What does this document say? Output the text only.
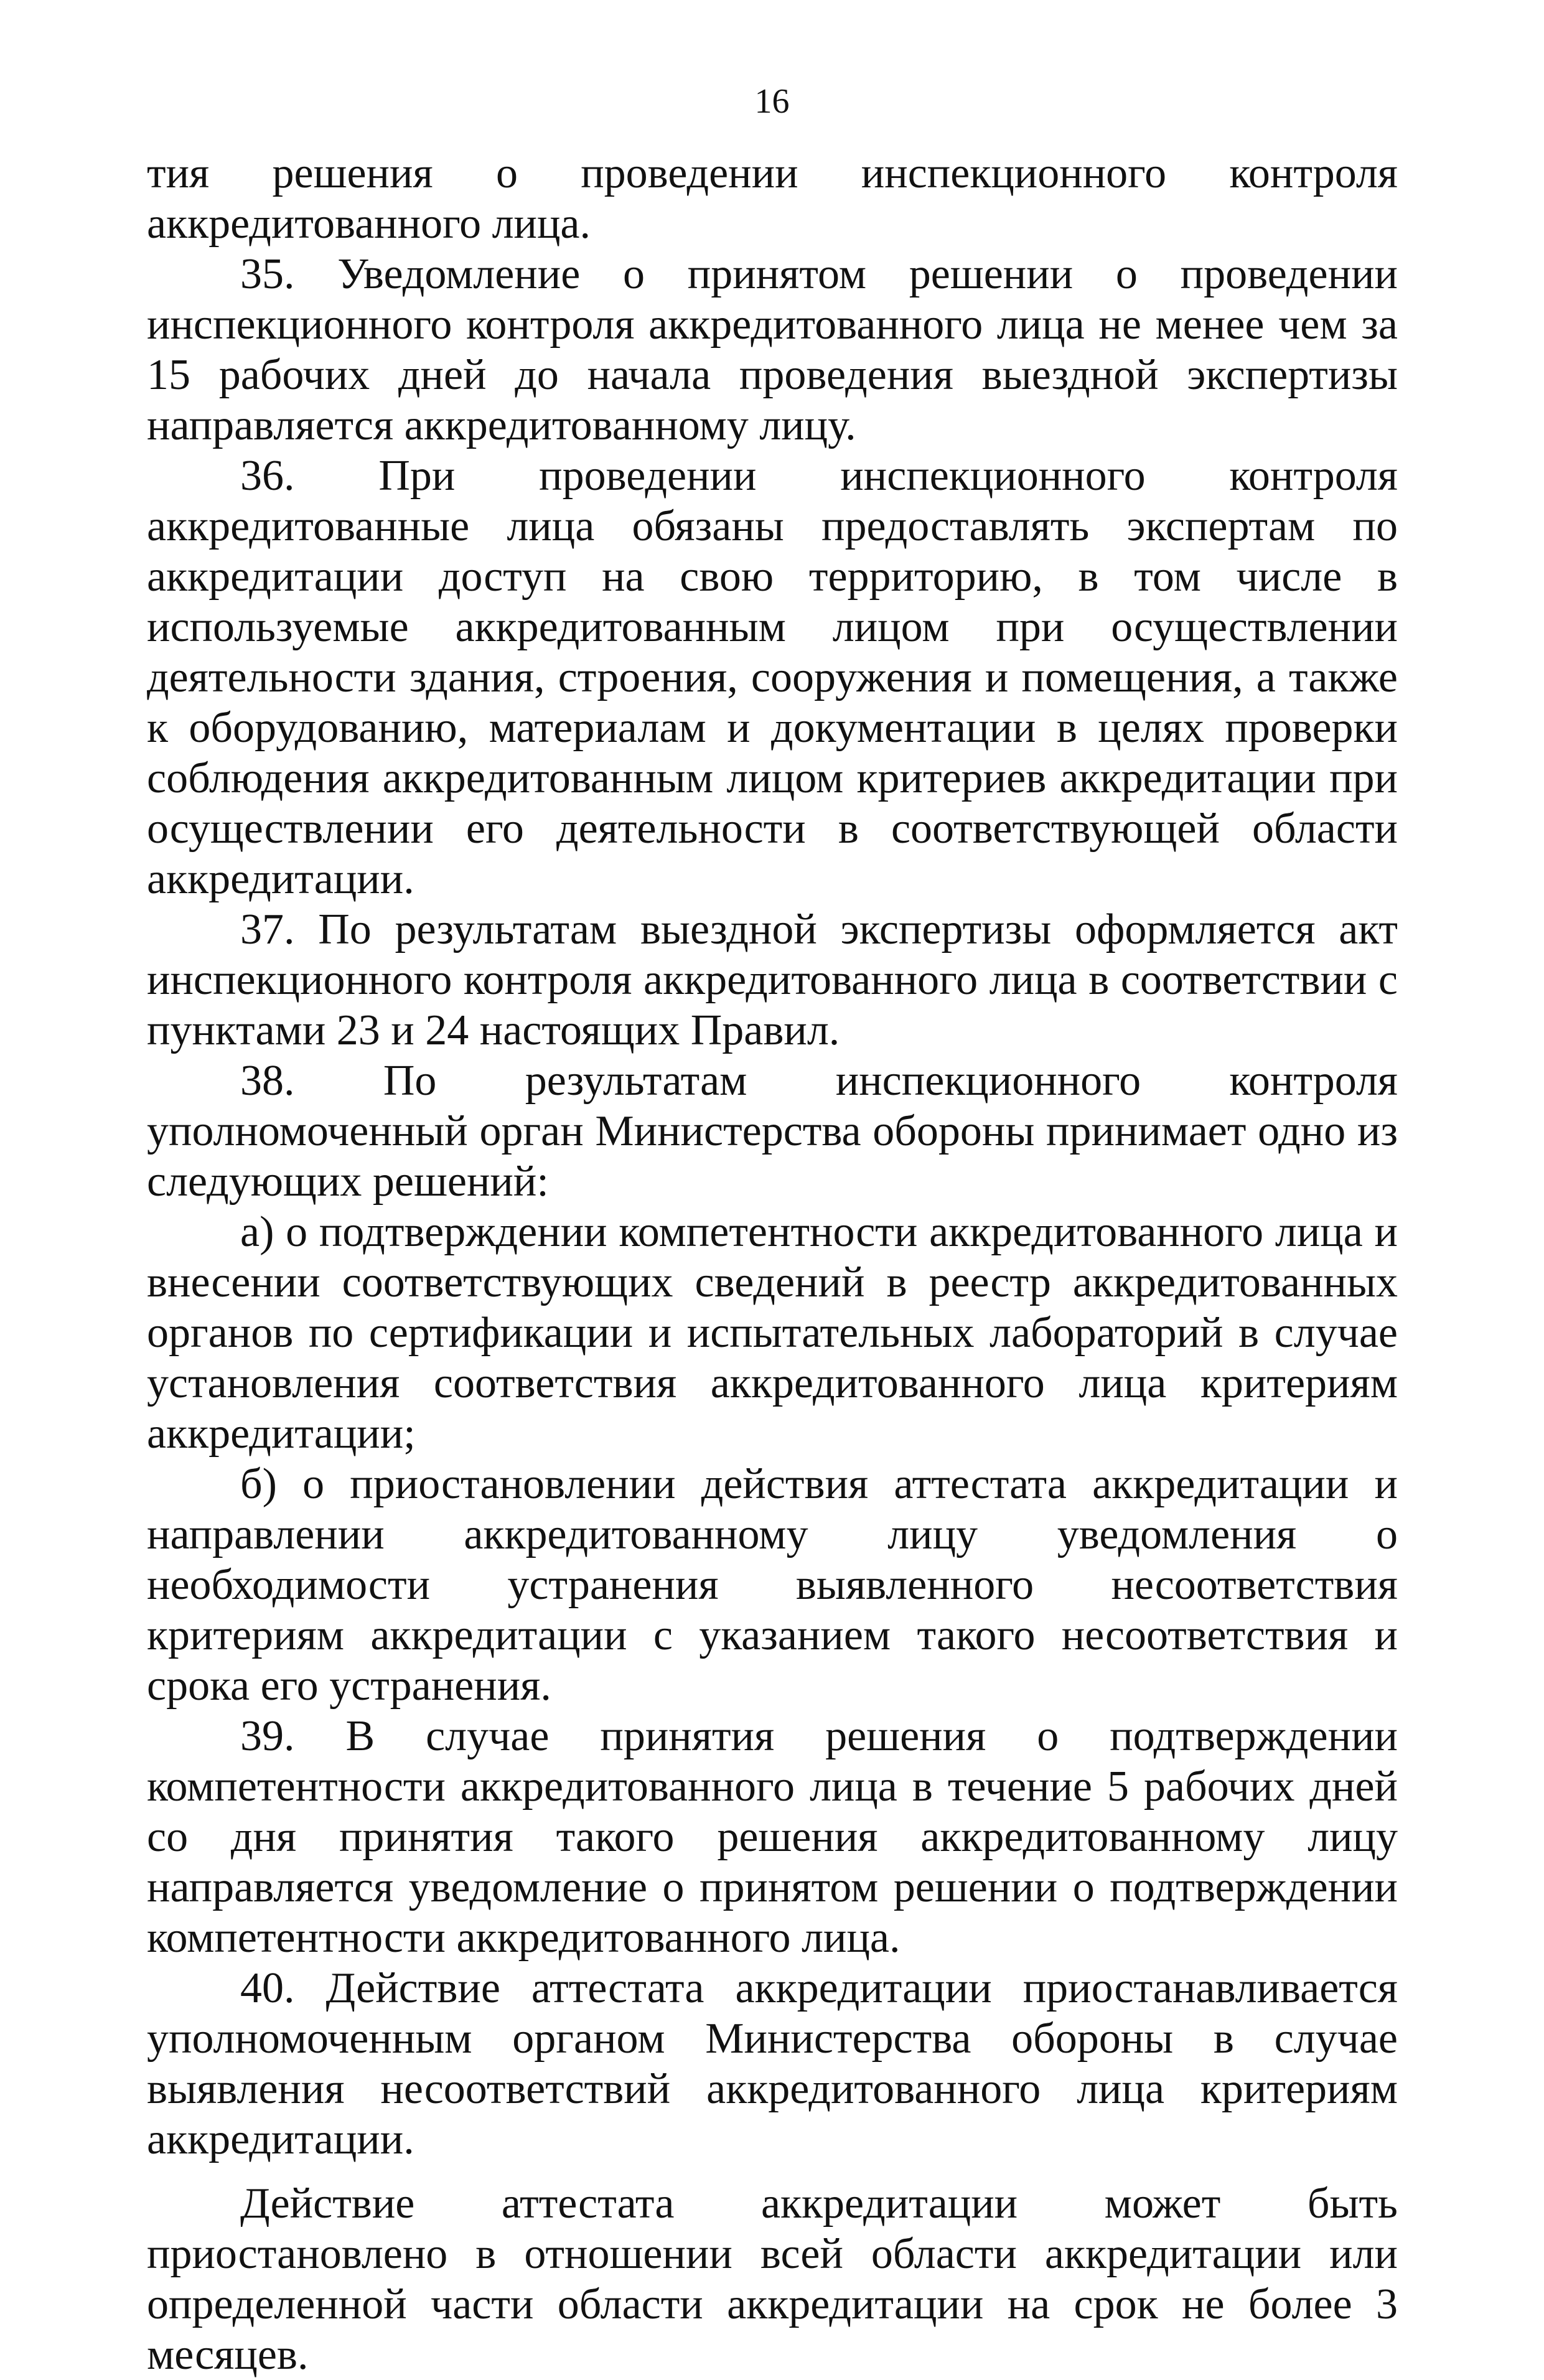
16

тия решения о проведении инспекционного контроля аккредитованного лица.

35. Уведомление о принятом решении о проведении инспекционного контроля аккредитованного лица не менее чем за 15 рабочих дней до начала проведения выездной экспертизы направляется аккредитованному лицу.

36. При проведении инспекционного контроля аккредитованные лица обязаны предоставлять экспертам по аккредитации доступ на свою территорию, в том числе в используемые аккредитованным лицом при осуществлении деятельности здания, строения, сооружения и помещения, а также к оборудованию, материалам и документации в целях проверки соблюдения аккредитованным лицом критериев аккредитации при осуществлении его деятельности в соответствующей области аккредитации.

37. По результатам выездной экспертизы оформляется акт инспекционного контроля аккредитованного лица в соответствии с пунктами 23 и 24 настоящих Правил.

38. По результатам инспекционного контроля уполномоченный орган Министерства обороны принимает одно из следующих решений:

а) о подтверждении компетентности аккредитованного лица и внесении соответствующих сведений в реестр аккредитованных органов по сертификации и испытательных лабораторий в случае установления соответствия аккредитованного лица критериям аккредитации;

б) о приостановлении действия аттестата аккредитации и направлении аккредитованному лицу уведомления о необходимости устранения выявленного несоответствия критериям аккредитации с указанием такого несоответствия и срока его устранения.

39. В случае принятия решения о подтверждении компетентности аккредитованного лица в течение 5 рабочих дней со дня принятия такого решения аккредитованному лицу направляется уведомление о принятом решении о подтверждении компетентности аккредитованного лица.

40. Действие аттестата аккредитации приостанавливается уполномоченным органом Министерства обороны в случае выявления несоответствий аккредитованного лица критериям аккредитации.

Действие аттестата аккредитации может быть приостановлено в отношении всей области аккредитации или определенной части области аккредитации на срок не более 3 месяцев.
